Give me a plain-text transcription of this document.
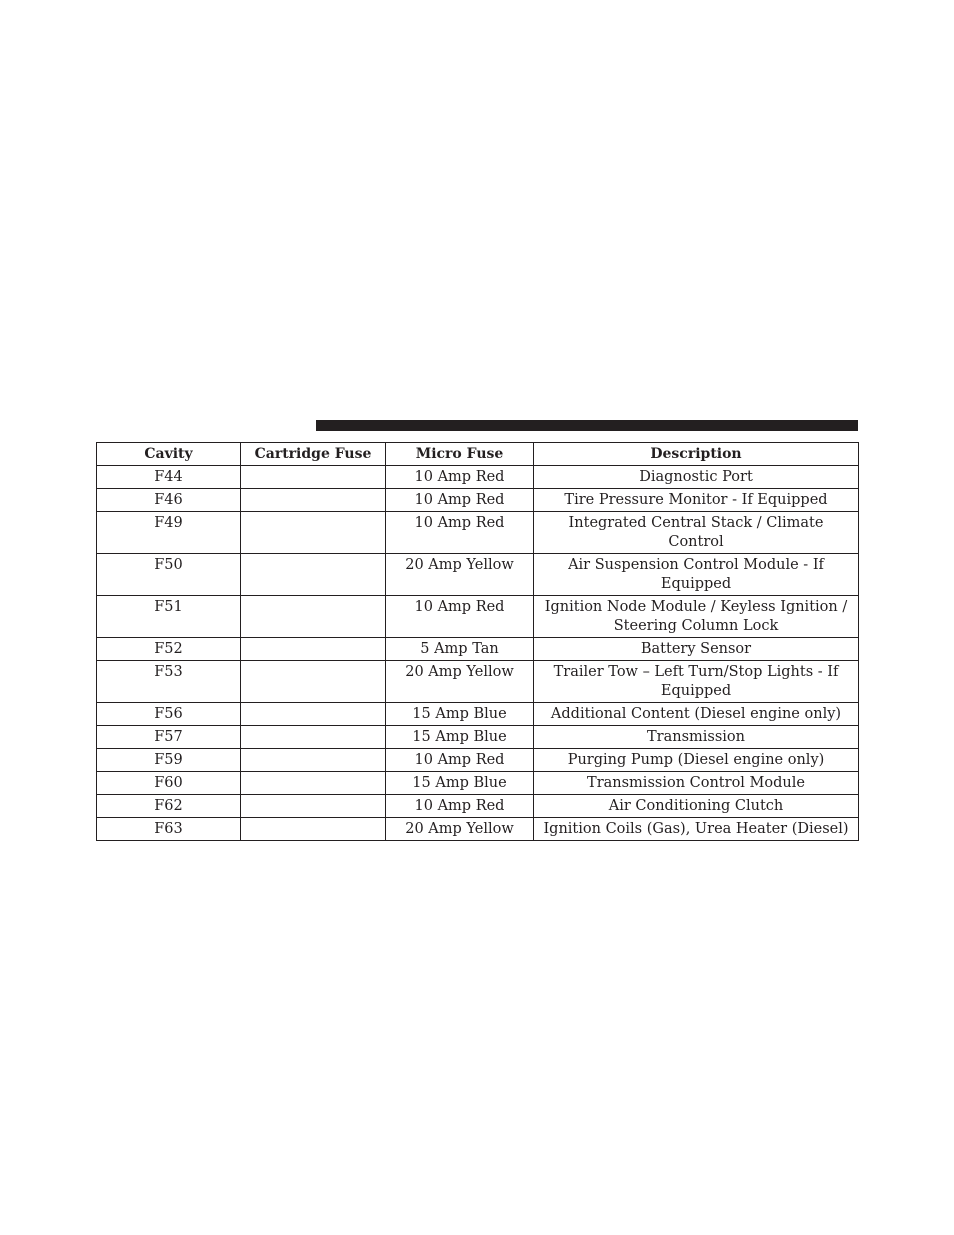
Cavity	Cartridge Fuse	Micro Fuse	Description
F44		10 Amp Red	Diagnostic Port
F46		10 Amp Red	Tire Pressure Monitor - If Equipped
F49		10 Amp Red	Integrated Central Stack / Climate Control
F50		20 Amp Yellow	Air Suspension Control Module - If Equipped
F51		10 Amp Red	Ignition Node Module / Keyless Ignition / Steering Column Lock
F52		5 Amp Tan	Battery Sensor
F53		20 Amp Yellow	Trailer Tow – Left Turn/Stop Lights - If Equipped
F56		15 Amp Blue	Additional Content (Diesel engine only)
F57		15 Amp Blue	Transmission
F59		10 Amp Red	Purging Pump (Diesel engine only)
F60		15 Amp Blue	Transmission Control Module
F62		10 Amp Red	Air Conditioning Clutch
F63		20 Amp Yellow	Ignition Coils (Gas), Urea Heater (Diesel)
